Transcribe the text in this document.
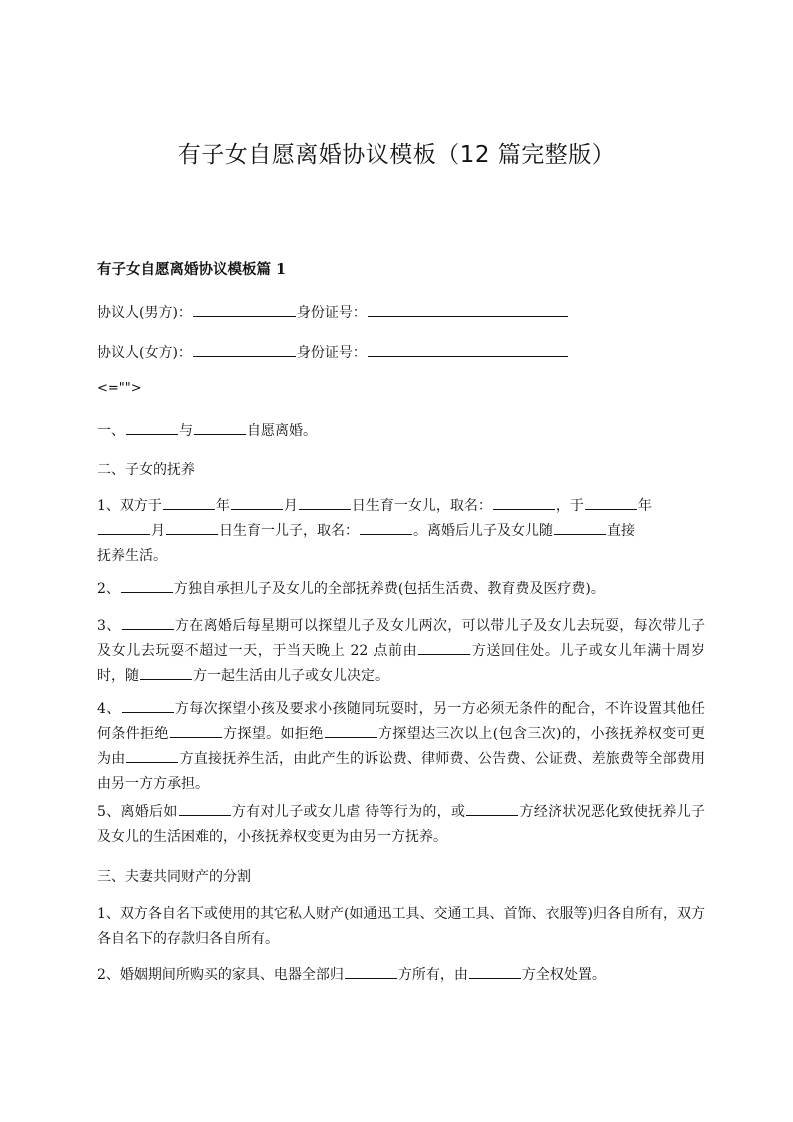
有子女自愿离婚协议模板（12 篇完整版）
有子女自愿离婚协议模板篇 1
协议人(男方)：	身份证号：
协议人(女方)：	身份证号：
<="">
一、	与	自愿离婚。
二、子女的抚养
1、双方于	年	月	日生育一女儿，取名：	，于	年
月	日生育一儿子，取名：	。离婚后儿子及女儿随	直接
抚养生活。
2、	方独自承担儿子及女儿的全部抚养费(包括生活费、教育费及医疗费)。
3、	方在离婚后每星期可以探望儿子及女儿两次，可以带儿子及女儿去玩耍，每次带儿子及女儿去玩耍不超过一天，于当天晚上 22 点前由	方送回住处。儿子或女儿年满十周岁时，随	方一起生活由儿子或女儿决定。
4、	方每次探望小孩及要求小孩随同玩耍时，另一方必须无条件的配合，不许设置其他任何条件拒绝	方探望。如拒绝	方探望达三次以上(包含三次)的，小孩抚养权变可更为由	方直接抚养生活，由此产生的诉讼费、律师费、公告费、公证费、差旅费等全部费用由另一方方承担。
5、离婚后如	方有对儿子或女儿虐 待等行为的，或	方经济状况恶化致使抚养儿子及女儿的生活困难的，小孩抚养权变更为由另一方抚养。
三、夫妻共同财产的分割
1、双方各自名下或使用的其它私人财产(如通迅工具、交通工具、首饰、衣服等)归各自所有，双方各自名下的存款归各自所有。
2、婚姻期间所购买的家具、电器全部归	方所有，由	方全权处置。
